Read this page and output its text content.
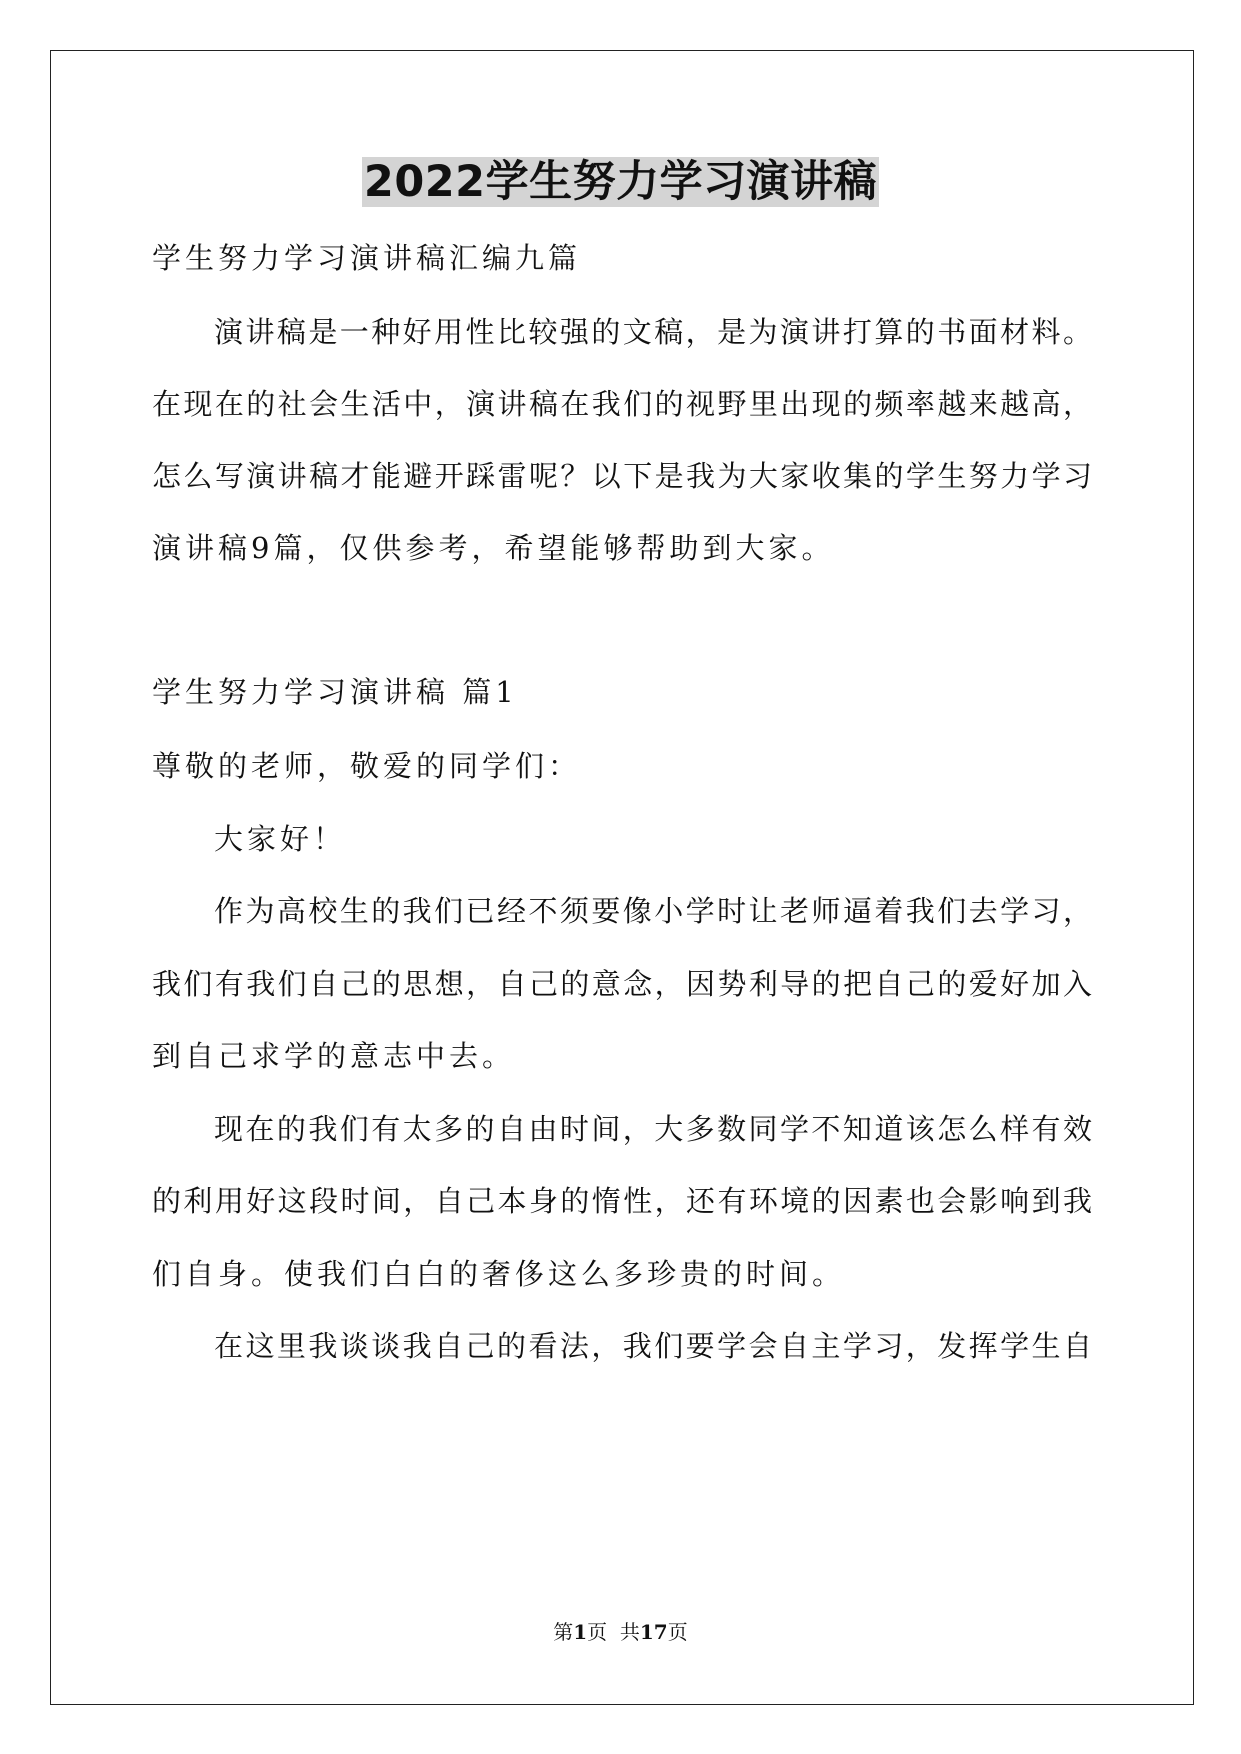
2022学生努力学习演讲稿
学生努力学习演讲稿汇编九篇
演讲稿是一种好用性比较强的文稿，是为演讲打算的书面材料。
在现在的社会生活中，演讲稿在我们的视野里出现的频率越来越高，
怎么写演讲稿才能避开踩雷呢？以下是我为大家收集的学生努力学习
演讲稿9篇，仅供参考，希望能够帮助到大家。
学生努力学习演讲稿 篇1
尊敬的老师，敬爱的同学们：
大家好！
作为高校生的我们已经不须要像小学时让老师逼着我们去学习，
我们有我们自己的思想，自己的意念，因势利导的把自己的爱好加入
到自己求学的意志中去。
现在的我们有太多的自由时间，大多数同学不知道该怎么样有效
的利用好这段时间，自己本身的惰性，还有环境的因素也会影响到我
们自身。使我们白白的奢侈这么多珍贵的时间。
在这里我谈谈我自己的看法，我们要学会自主学习，发挥学生自
第1页  共17页
